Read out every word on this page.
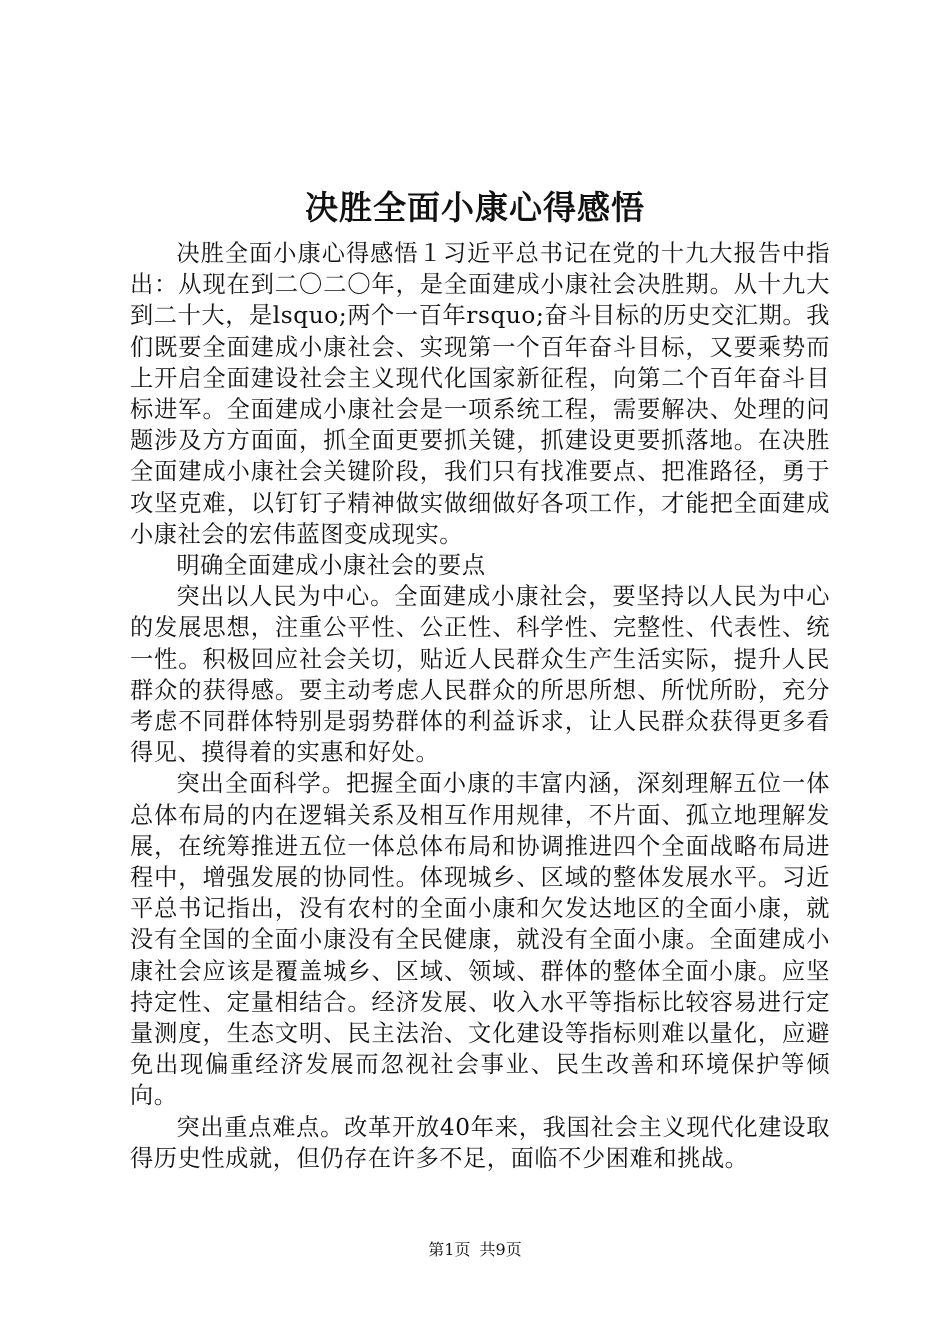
决胜全面小康心得感悟

决胜全面小康心得感悟１习近平总书记在党的十九大报告中指出：从现在到二〇二〇年，是全面建成小康社会决胜期。从十九大到二十大，是lsquo;两个一百年rsquo;奋斗目标的历史交汇期。我们既要全面建成小康社会、实现第一个百年奋斗目标，又要乘势而上开启全面建设社会主义现代化国家新征程，向第二个百年奋斗目标进军。全面建成小康社会是一项系统工程，需要解决、处理的问题涉及方方面面，抓全面更要抓关键，抓建设更要抓落地。在决胜全面建成小康社会关键阶段，我们只有找准要点、把准路径，勇于攻坚克难，以钉钉子精神做实做细做好各项工作，才能把全面建成小康社会的宏伟蓝图变成现实。

明确全面建成小康社会的要点

突出以人民为中心。全面建成小康社会，要坚持以人民为中心的发展思想，注重公平性、公正性、科学性、完整性、代表性、统一性。积极回应社会关切，贴近人民群众生产生活实际，提升人民群众的获得感。要主动考虑人民群众的所思所想、所忧所盼，充分考虑不同群体特别是弱势群体的利益诉求，让人民群众获得更多看得见、摸得着的实惠和好处。

突出全面科学。把握全面小康的丰富内涵，深刻理解五位一体总体布局的内在逻辑关系及相互作用规律，不片面、孤立地理解发展，在统筹推进五位一体总体布局和协调推进四个全面战略布局进程中，增强发展的协同性。体现城乡、区域的整体发展水平。习近平总书记指出，没有农村的全面小康和欠发达地区的全面小康，就没有全国的全面小康没有全民健康，就没有全面小康。全面建成小康社会应该是覆盖城乡、区域、领域、群体的整体全面小康。应坚持定性、定量相结合。经济发展、收入水平等指标比较容易进行定量测度，生态文明、民主法治、文化建设等指标则难以量化，应避免出现偏重经济发展而忽视社会事业、民生改善和环境保护等倾向。

突出重点难点。改革开放40年来，我国社会主义现代化建设取得历史性成就，但仍存在许多不足，面临不少困难和挑战。

第1页 共9页
